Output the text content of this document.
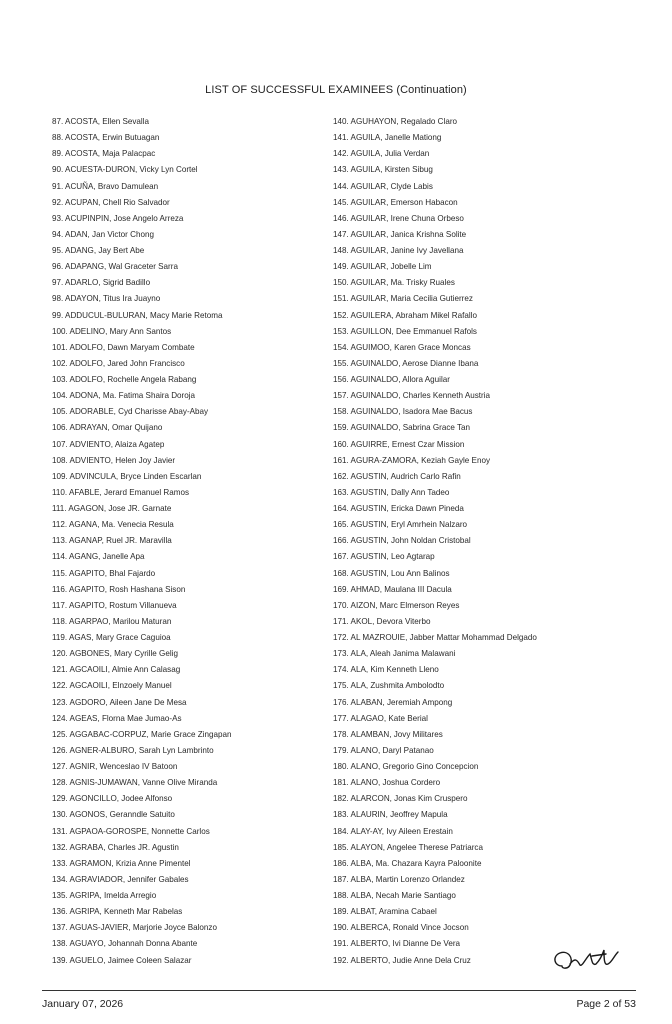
LIST OF SUCCESSFUL EXAMINEES (Continuation)
87. ACOSTA, Ellen Sevalla
88. ACOSTA, Erwin Butuagan
89. ACOSTA, Maja Palacpac
90. ACUESTA-DURON, Vicky Lyn Cortel
91. ACUÑA, Bravo Damulean
92. ACUPAN, Chell Rio Salvador
93. ACUPINPIN, Jose Angelo Arreza
94. ADAN, Jan Victor Chong
95. ADANG, Jay Bert Abe
96. ADAPANG, Wal Graceter Sarra
97. ADARLO, Sigrid Badillo
98. ADAYON, Titus Ira Juayno
99. ADDUCUL-BULURAN, Macy Marie Retoma
100. ADELINO, Mary Ann Santos
101. ADOLFO, Dawn Maryam Combate
102. ADOLFO, Jared John Francisco
103. ADOLFO, Rochelle Angela Rabang
104. ADONA, Ma. Fatima Shaira Doroja
105. ADORABLE, Cyd Charisse Abay-Abay
106. ADRAYAN, Omar Quijano
107. ADVIENTO, Alaiza Agatep
108. ADVIENTO, Helen Joy Javier
109. ADVINCULA, Bryce Linden Escarlan
110. AFABLE, Jerard Emanuel Ramos
111. AGAGON, Jose JR. Garnate
112. AGANA, Ma. Venecia Resula
113. AGANAP, Ruel JR. Maravilla
114. AGANG, Janelle Apa
115. AGAPITO, Bhal Fajardo
116. AGAPITO, Rosh Hashana Sison
117. AGAPITO, Rostum Villanueva
118. AGARPAO, Marilou Maturan
119. AGAS, Mary Grace Caguioa
120. AGBONES, Mary Cyrille Gelig
121. AGCAOILI, Almie Ann Calasag
122. AGCAOILI, Elnzoely Manuel
123. AGDORO, Aileen Jane De Mesa
124. AGEAS, Florna Mae Jumao-As
125. AGGABAC-CORPUZ, Marie Grace Zingapan
126. AGNER-ALBURO, Sarah Lyn Lambrinto
127. AGNIR, Wenceslao IV Batoon
128. AGNIS-JUMAWAN, Vanne Olive Miranda
129. AGONCILLO, Jodee Alfonso
130. AGONOS, Geranndle Satuito
131. AGPAOA-GOROSPE, Nonnette Carlos
132. AGRABA, Charles JR. Agustin
133. AGRAMON, Krizia Anne Pimentel
134. AGRAVIADOR, Jennifer Gabales
135. AGRIPA, Imelda Arregio
136. AGRIPA, Kenneth Mar Rabelas
137. AGUAS-JAVIER, Marjorie Joyce Balonzo
138. AGUAYO, Johannah Donna Abante
139. AGUELO, Jaimee Coleen Salazar
140. AGUHAYON, Regalado Claro
141. AGUILA, Janelle Mationg
142. AGUILA, Julia Verdan
143. AGUILA, Kirsten Sibug
144. AGUILAR, Clyde Labis
145. AGUILAR, Emerson Habacon
146. AGUILAR, Irene Chuna Orbeso
147. AGUILAR, Janica Krishna Solite
148. AGUILAR, Janine Ivy Javellana
149. AGUILAR, Jobelle Lim
150. AGUILAR, Ma. Trisky Ruales
151. AGUILAR, Maria Cecilia Gutierrez
152. AGUILERA, Abraham Mikel Rafallo
153. AGUILLON, Dee Emmanuel Rafols
154. AGUIMOO, Karen Grace Moncas
155. AGUINALDO, Aerose Dianne Ibana
156. AGUINALDO, Allora Aguilar
157. AGUINALDO, Charles Kenneth Austria
158. AGUINALDO, Isadora Mae Bacus
159. AGUINALDO, Sabrina Grace Tan
160. AGUIRRE, Ernest Czar Mission
161. AGURA-ZAMORA, Keziah Gayle Enoy
162. AGUSTIN, Audrich Carlo Rafin
163. AGUSTIN, Dally Ann Tadeo
164. AGUSTIN, Ericka Dawn Pineda
165. AGUSTIN, Eryl Amrhein Nalzaro
166. AGUSTIN, John Noldan Cristobal
167. AGUSTIN, Leo Agtarap
168. AGUSTIN, Lou Ann Balinos
169. AHMAD, Maulana III Dacula
170. AIZON, Marc Elmerson Reyes
171. AKOL, Devora Viterbo
172. AL MAZROUIE, Jabber Mattar Mohammad Delgado
173. ALA, Aleah Janima Malawani
174. ALA, Kim Kenneth Lleno
175. ALA, Zushmita Ambolodto
176. ALABAN, Jeremiah Ampong
177. ALAGAO, Kate Berial
178. ALAMBAN, Jovy Militares
179. ALANO, Daryl Patanao
180. ALANO, Gregorio Gino Concepcion
181. ALANO, Joshua Cordero
182. ALARCON, Jonas Kim Cruspero
183. ALAURIN, Jeoffrey Mapula
184. ALAY-AY, Ivy Aileen Erestain
185. ALAYON, Angelee Therese Patriarca
186. ALBA, Ma. Chazara Kayra Paloonite
187. ALBA, Martin Lorenzo Orlandez
188. ALBA, Necah Marie Santiago
189. ALBAT, Aramina Cabael
190. ALBERCA, Ronald Vince Jocson
191. ALBERTO, Ivi Dianne De Vera
192. ALBERTO, Judie Anne Dela Cruz
January 07, 2026	Page 2 of 53
